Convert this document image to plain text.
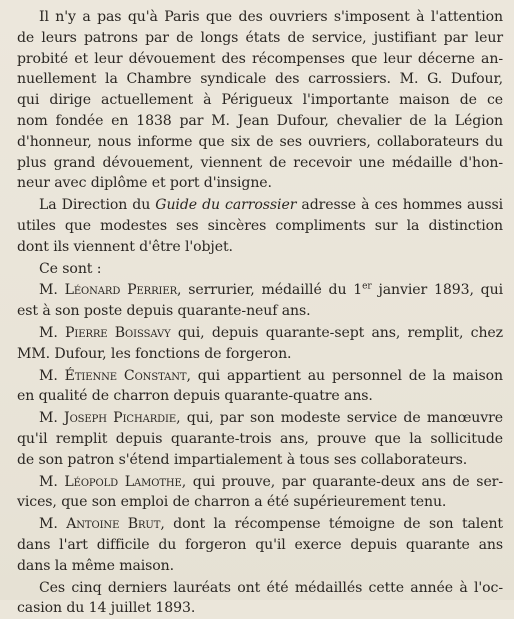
Il n'y a pas qu'à Paris que des ouvriers s'imposent à l'attention
de leurs patrons par de longs états de service, justifiant par leur
probité et leur dévouement des récompenses que leur décerne an-
nuellement la Chambre syndicale des carrossiers. M. G. Dufour,
qui dirige actuellement à Périgueux l'importante maison de ce
nom fondée en 1838 par M. Jean Dufour, chevalier de la Légion
d'honneur, nous informe que six de ses ouvriers, collaborateurs du
plus grand dévouement, viennent de recevoir une médaille d'hon-
neur avec diplôme et port d'insigne.
La Direction du Guide du carrossier adresse à ces hommes aussi
utiles que modestes ses sincères compliments sur la distinction
dont ils viennent d'être l'objet.
Ce sont :
M. Léonard Perrier, serrurier, médaillé du 1er janvier 1893, qui
est à son poste depuis quarante-neuf ans.
M. Pierre Boissavy qui, depuis quarante-sept ans, remplit, chez
MM. Dufour, les fonctions de forgeron.
M. Étienne Constant, qui appartient au personnel de la maison
en qualité de charron depuis quarante-quatre ans.
M. Joseph Pichardie, qui, par son modeste service de manœuvre
qu'il remplit depuis quarante-trois ans, prouve que la sollicitude
de son patron s'étend impartialement à tous ses collaborateurs.
M. Léopold Lamothe, qui prouve, par quarante-deux ans de ser-
vices, que son emploi de charron a été supérieurement tenu.
M. Antoine Brut, dont la récompense témoigne de son talent
dans l'art difficile du forgeron qu'il exerce depuis quarante ans
dans la même maison.
Ces cinq derniers lauréats ont été médaillés cette année à l'oc-
casion du 14 juillet 1893.
